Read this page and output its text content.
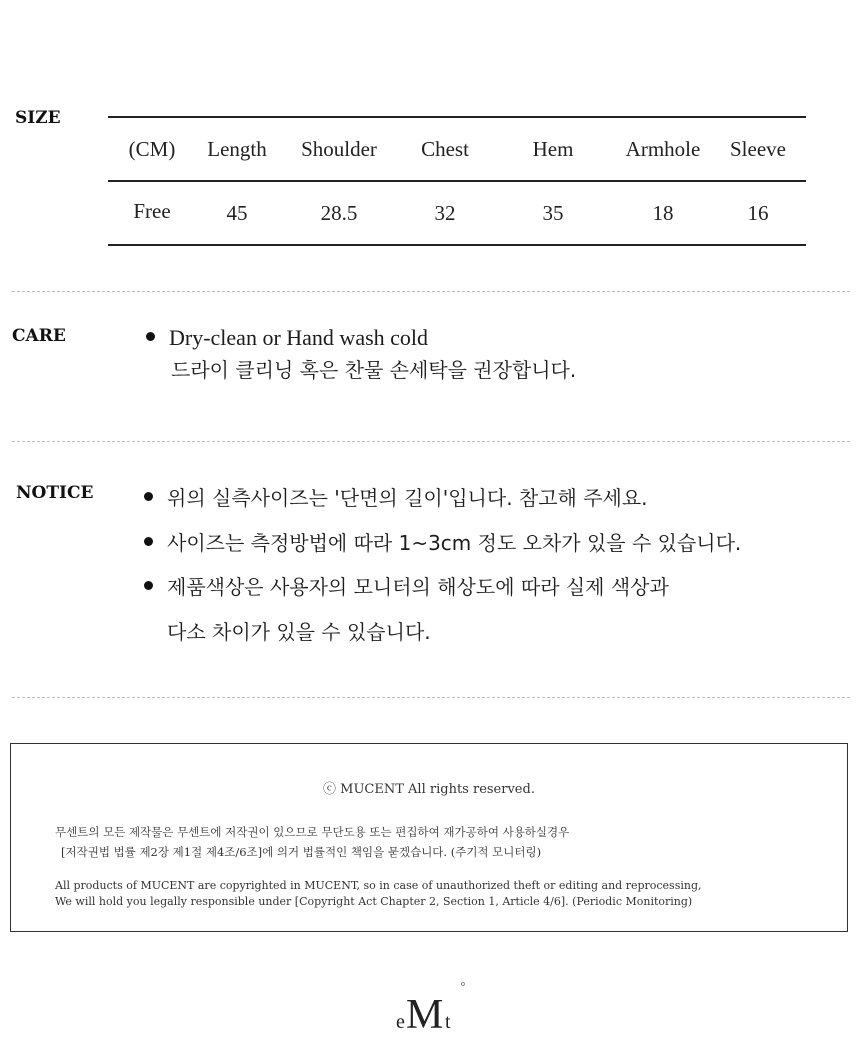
SIZE
(CM)	Length	Shoulder	Chest	Hem	Armhole	Sleeve
Free	45	28.5	32	35	18	16
CARE	Dry-clean or Hand wash cold
드라이 클리닝 혹은 찬물 손세탁을 권장합니다.
NOTICE	위의 실측사이즈는 '단면의 길이'입니다. 참고해 주세요.
사이즈는 측정방법에 따라 1~3cm 정도 오차가 있을 수 있습니다.
제품색상은 사용자의 모니터의 해상도에 따라 실제 색상과
다소 차이가 있을 수 있습니다.
ⓒ MUCENT All rights reserved.
무센트의 모든 제작물은 무센트에 저작권이 있으므로 무단도용 또는 편집하여 재가공하여 사용하실경우
[저작권법 법률 제2장 제1절 제4조/6조]에 의거 법률적인 책임을 묻겠습니다. (주기적 모니터링)
All products of MUCENT are copyrighted in MUCENT, so in case of unauthorized theft or editing and reprocessing,
We will hold you legally responsible under [Copyright Act Chapter 2, Section 1, Article 4/6]. (Periodic Monitoring)
e M t
